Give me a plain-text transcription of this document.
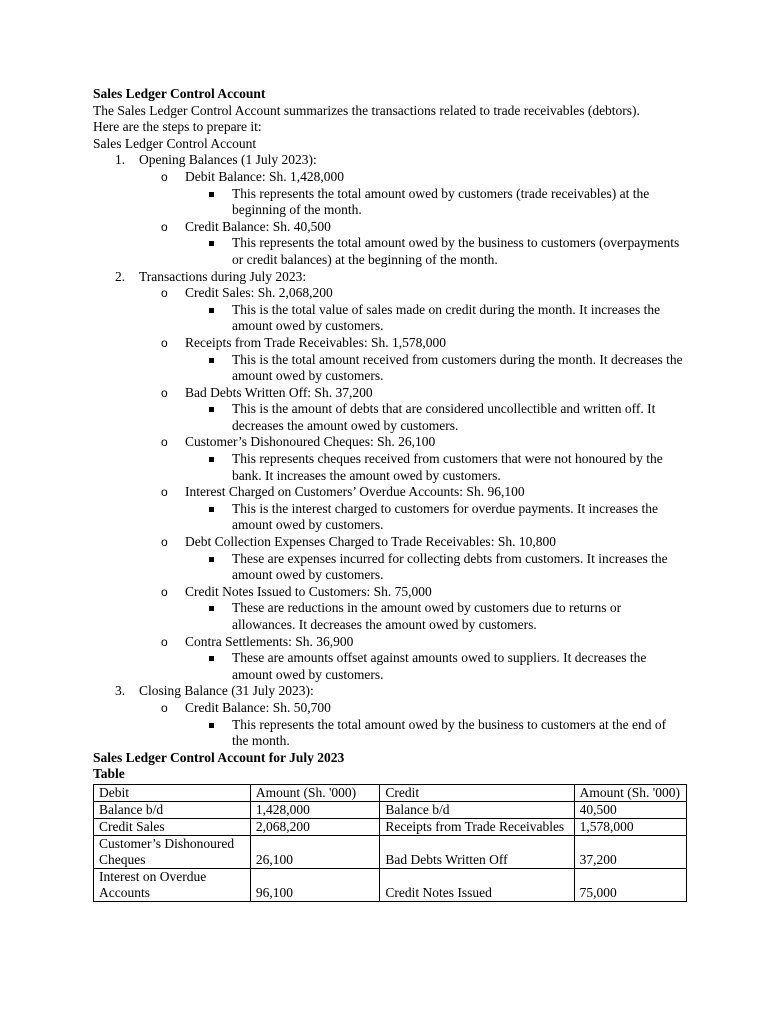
Sales Ledger Control Account

The Sales Ledger Control Account summarizes the transactions related to trade receivables (debtors).

Here are the steps to prepare it:

Sales Ledger Control Account

1. Opening Balances (1 July 2023):
o Debit Balance: Sh. 1,428,000
This represents the total amount owed by customers (trade receivables) at the beginning of the month.
o Credit Balance: Sh. 40,500
This represents the total amount owed by the business to customers (overpayments or credit balances) at the beginning of the month.
2. Transactions during July 2023:
o Credit Sales: Sh. 2,068,200
This is the total value of sales made on credit during the month. It increases the amount owed by customers.
o Receipts from Trade Receivables: Sh. 1,578,000
This is the total amount received from customers during the month. It decreases the amount owed by customers.
o Bad Debts Written Off: Sh. 37,200
This is the amount of debts that are considered uncollectible and written off. It decreases the amount owed by customers.
o Customer’s Dishonoured Cheques: Sh. 26,100
This represents cheques received from customers that were not honoured by the bank. It increases the amount owed by customers.
o Interest Charged on Customers’ Overdue Accounts: Sh. 96,100
This is the interest charged to customers for overdue payments. It increases the amount owed by customers.
o Debt Collection Expenses Charged to Trade Receivables: Sh. 10,800
These are expenses incurred for collecting debts from customers. It increases the amount owed by customers.
o Credit Notes Issued to Customers: Sh. 75,000
These are reductions in the amount owed by customers due to returns or allowances. It decreases the amount owed by customers.
o Contra Settlements: Sh. 36,900
These are amounts offset against amounts owed to suppliers. It decreases the amount owed by customers.
3. Closing Balance (31 July 2023):
o Credit Balance: Sh. 50,700
This represents the total amount owed by the business to customers at the end of the month.

Sales Ledger Control Account for July 2023

Table

Debit	Amount (Sh. '000)	Credit	Amount (Sh. '000)
Balance b/d	1,428,000	Balance b/d	40,500
Credit Sales	2,068,200	Receipts from Trade Receivables	1,578,000
Customer’s Dishonoured Cheques	26,100	Bad Debts Written Off	37,200
Interest on Overdue Accounts	96,100	Credit Notes Issued	75,000
